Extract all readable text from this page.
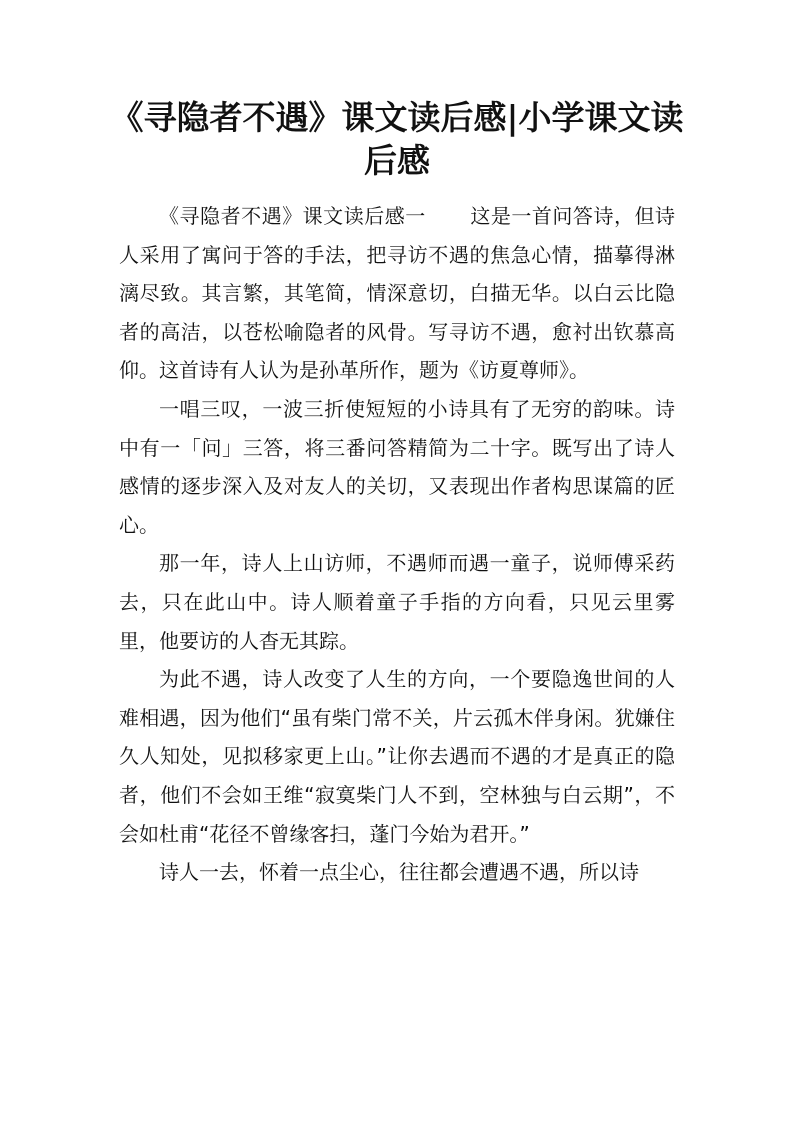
《寻隐者不遇》课文读后感|小学课文读后感

《寻隐者不遇》课文读后感一 这是一首问答诗，但诗人采用了寓问于答的手法，把寻访不遇的焦急心情，描摹得淋漓尽致。其言繁，其笔简，情深意切，白描无华。以白云比隐者的高洁，以苍松喻隐者的风骨。写寻访不遇，愈衬出钦慕高仰。这首诗有人认为是孙革所作，题为《访夏尊师》。

一唱三叹，一波三折使短短的小诗具有了无穷的韵味。诗中有一「问」三答，将三番问答精简为二十字。既写出了诗人感情的逐步深入及对友人的关切，又表现出作者构思谋篇的匠心。

那一年，诗人上山访师，不遇师而遇一童子，说师傅采药去，只在此山中。诗人顺着童子手指的方向看，只见云里雾里，他要访的人杳无其踪。

为此不遇，诗人改变了人生的方向，一个要隐逸世间的人难相遇，因为他们“虽有柴门常不关，片云孤木伴身闲。犹嫌住久人知处，见拟移家更上山。”让你去遇而不遇的才是真正的隐者，他们不会如王维“寂寞柴门人不到，空林独与白云期”，不会如杜甫“花径不曾缘客扫，蓬门今始为君开。”

诗人一去，怀着一点尘心，往往都会遭遇不遇，所以诗
